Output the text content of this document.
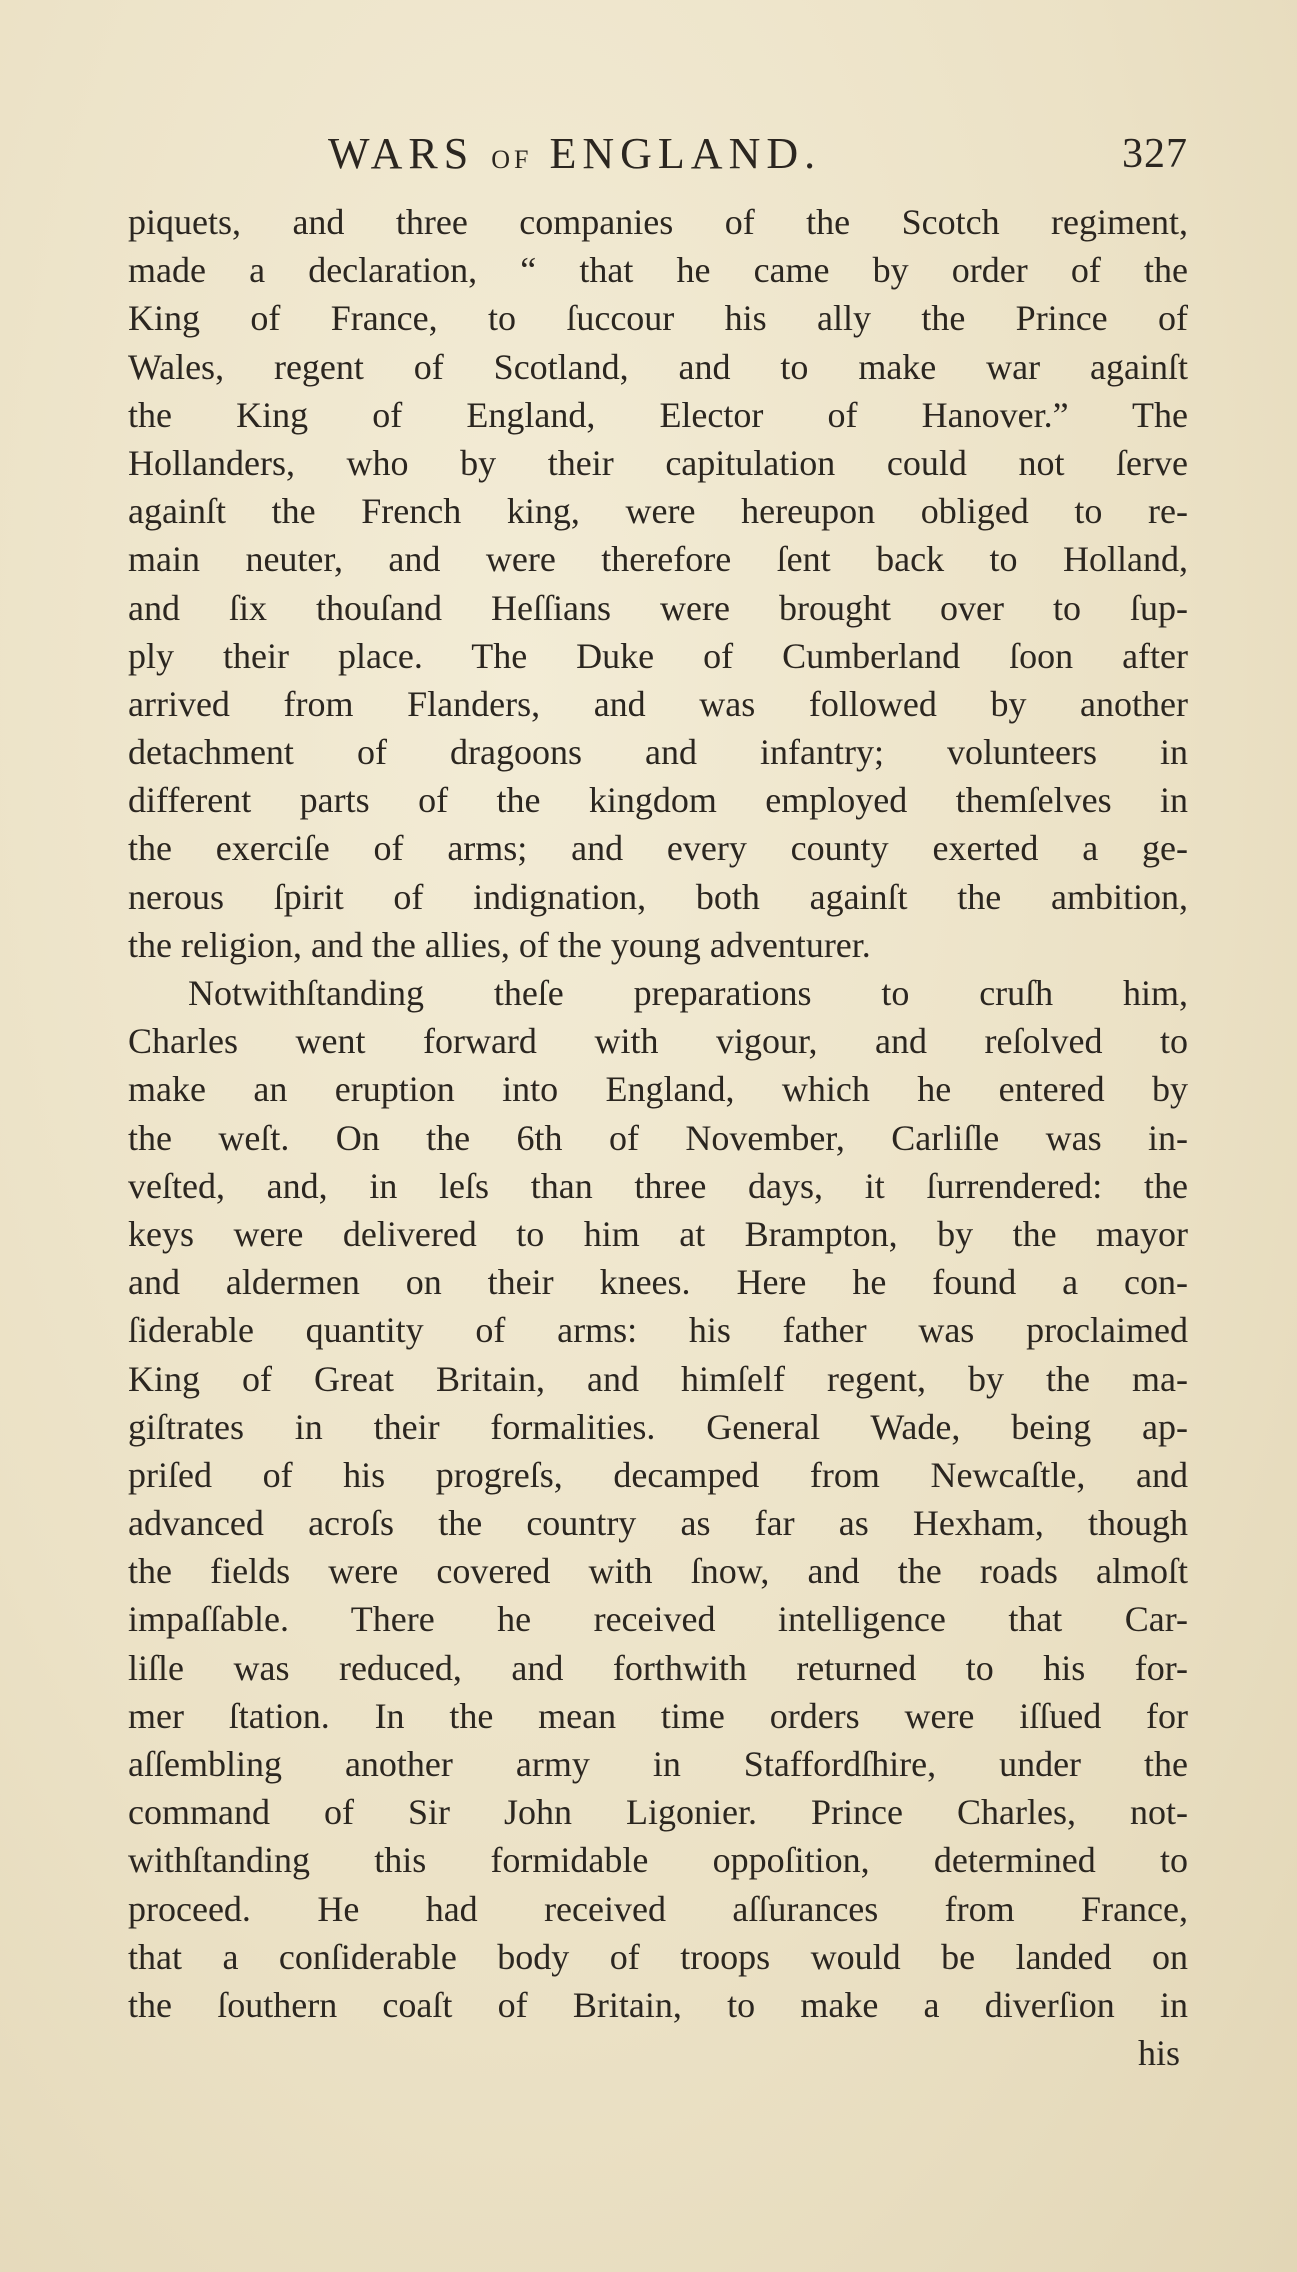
WARS OF ENGLAND.	327
piquets, and three companies of the Scotch regiment,
made a declaration, “ that he came by order of the
King of France, to ſuccour his ally the Prince of
Wales, regent of Scotland, and to make war againſt
the King of England, Elector of Hanover.” The
Hollanders, who by their capitulation could not ſerve
againſt the French king, were hereupon obliged to re-
main neuter, and were therefore ſent back to Holland,
and ſix thouſand Heſſians were brought over to ſup-
ply their place. The Duke of Cumberland ſoon after
arrived from Flanders, and was followed by another
detachment of dragoons and infantry; volunteers in
different parts of the kingdom employed themſelves in
the exerciſe of arms; and every county exerted a ge-
nerous ſpirit of indignation, both againſt the ambition,
the religion, and the allies, of the young adventurer.
Notwithſtanding theſe preparations to cruſh him,
Charles went forward with vigour, and reſolved to
make an eruption into England, which he entered by
the weſt. On the 6th of November, Carliſle was in-
veſted, and, in leſs than three days, it ſurrendered: the
keys were delivered to him at Brampton, by the mayor
and aldermen on their knees. Here he found a con-
ſiderable quantity of arms: his father was proclaimed
King of Great Britain, and himſelf regent, by the ma-
giſtrates in their formalities. General Wade, being ap-
priſed of his progreſs, decamped from Newcaſtle, and
advanced acroſs the country as far as Hexham, though
the fields were covered with ſnow, and the roads almoſt
impaſſable. There he received intelligence that Car-
liſle was reduced, and forthwith returned to his for-
mer ſtation. In the mean time orders were iſſued for
aſſembling another army in Staffordſhire, under the
command of Sir John Ligonier. Prince Charles, not-
withſtanding this formidable oppoſition, determined to
proceed. He had received aſſurances from France,
that a conſiderable body of troops would be landed on
the ſouthern coaſt of Britain, to make a diverſion in
his
